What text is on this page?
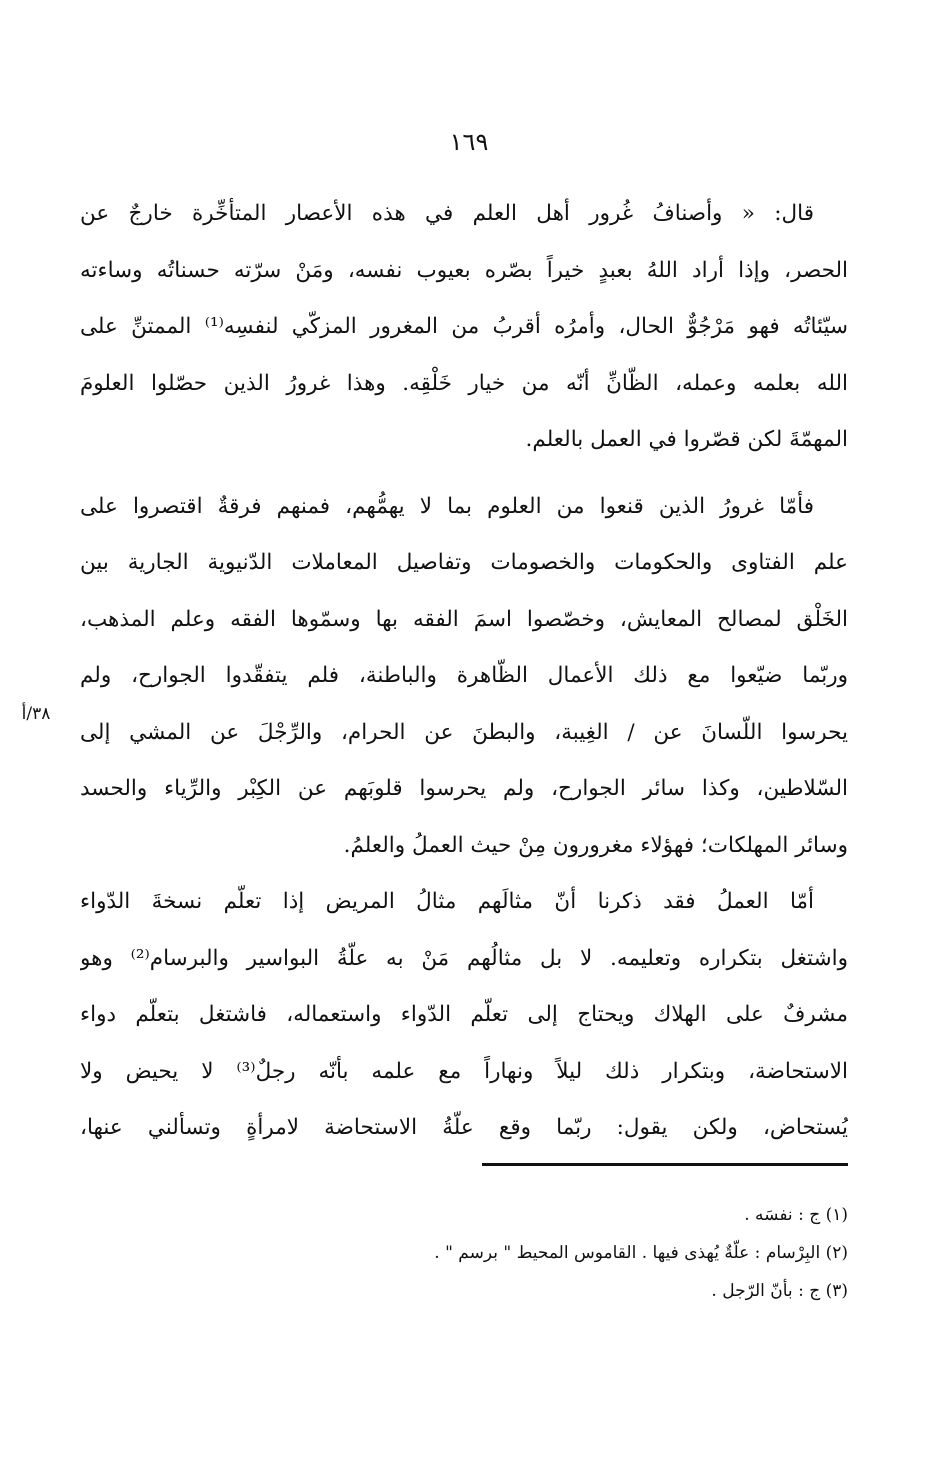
١٦٩
قال: « وأصنافُ غُرور أهل العلم في هذه الأعصار المتأخِّرة خارجٌ عن
الحصر، وإذا أراد اللهُ بعبدٍ خيراً بصّره بعيوب نفسه، ومَنْ سرّته حسناتُه وساءته
سيّئاتُه فهو مَرْجُوٌّ الحال، وأمرُه أقربُ من المغرور المزكّي لنفسِه⁽¹⁾ الممتنِّ على
الله بعلمه وعمله، الظّانِّ أنّه من خيار خَلْقِه. وهذا غرورُ الذين حصّلوا العلومَ
المهمّةَ لكن قصّروا في العمل بالعلم.
فأمّا غرورُ الذين قنعوا من العلوم بما لا يهمُّهم، فمنهم فرقةٌ اقتصروا على
علم الفتاوى والحكومات والخصومات وتفاصيل المعاملات الدّنيوية الجارية بين
الخَلْق لمصالح المعايش، وخصّصوا اسمَ الفقه بها وسمّوها الفقه وعلم المذهب،
وربّما ضيّعوا مع ذلك الأعمال الظّاهرة والباطنة، فلم يتفقّدوا الجوارح، ولم
يحرسوا اللّسانَ عن / الغِيبة، والبطنَ عن الحرام، والرِّجْلَ عن المشي إلى
السّلاطين، وكذا سائر الجوارح، ولم يحرسوا قلوبَهم عن الكِبْر والرِّياء والحسد
وسائر المهلكات؛ فهؤلاء مغرورون مِنْ حيث العملُ والعلمُ.
أمّا العملُ فقد ذكرنا أنّ مثالَهم مثالُ المريض إذا تعلّم نسخةَ الدّواء
واشتغل بتكراره وتعليمه. لا بل مثالُهم مَنْ به علّةُ البواسير والبرسام⁽²⁾ وهو
مشرفٌ على الهلاك ويحتاج إلى تعلّم الدّواء واستعماله، فاشتغل بتعلّم دواء
الاستحاضة، وبتكرار ذلك ليلاً ونهاراً مع علمه بأنّه رجلٌ⁽³⁾ لا يحيض ولا
يُستحاض، ولكن يقول: ربّما وقع علّةُ الاستحاضة لامرأةٍ وتسألني عنها،
٣٨/أ
(١) ج : نفسَه .
(٢) البِرْسام : علّةٌ يُهذى فيها . القاموس المحيط " برسم " .
(٣) ج : بأنّ الرّجل .
